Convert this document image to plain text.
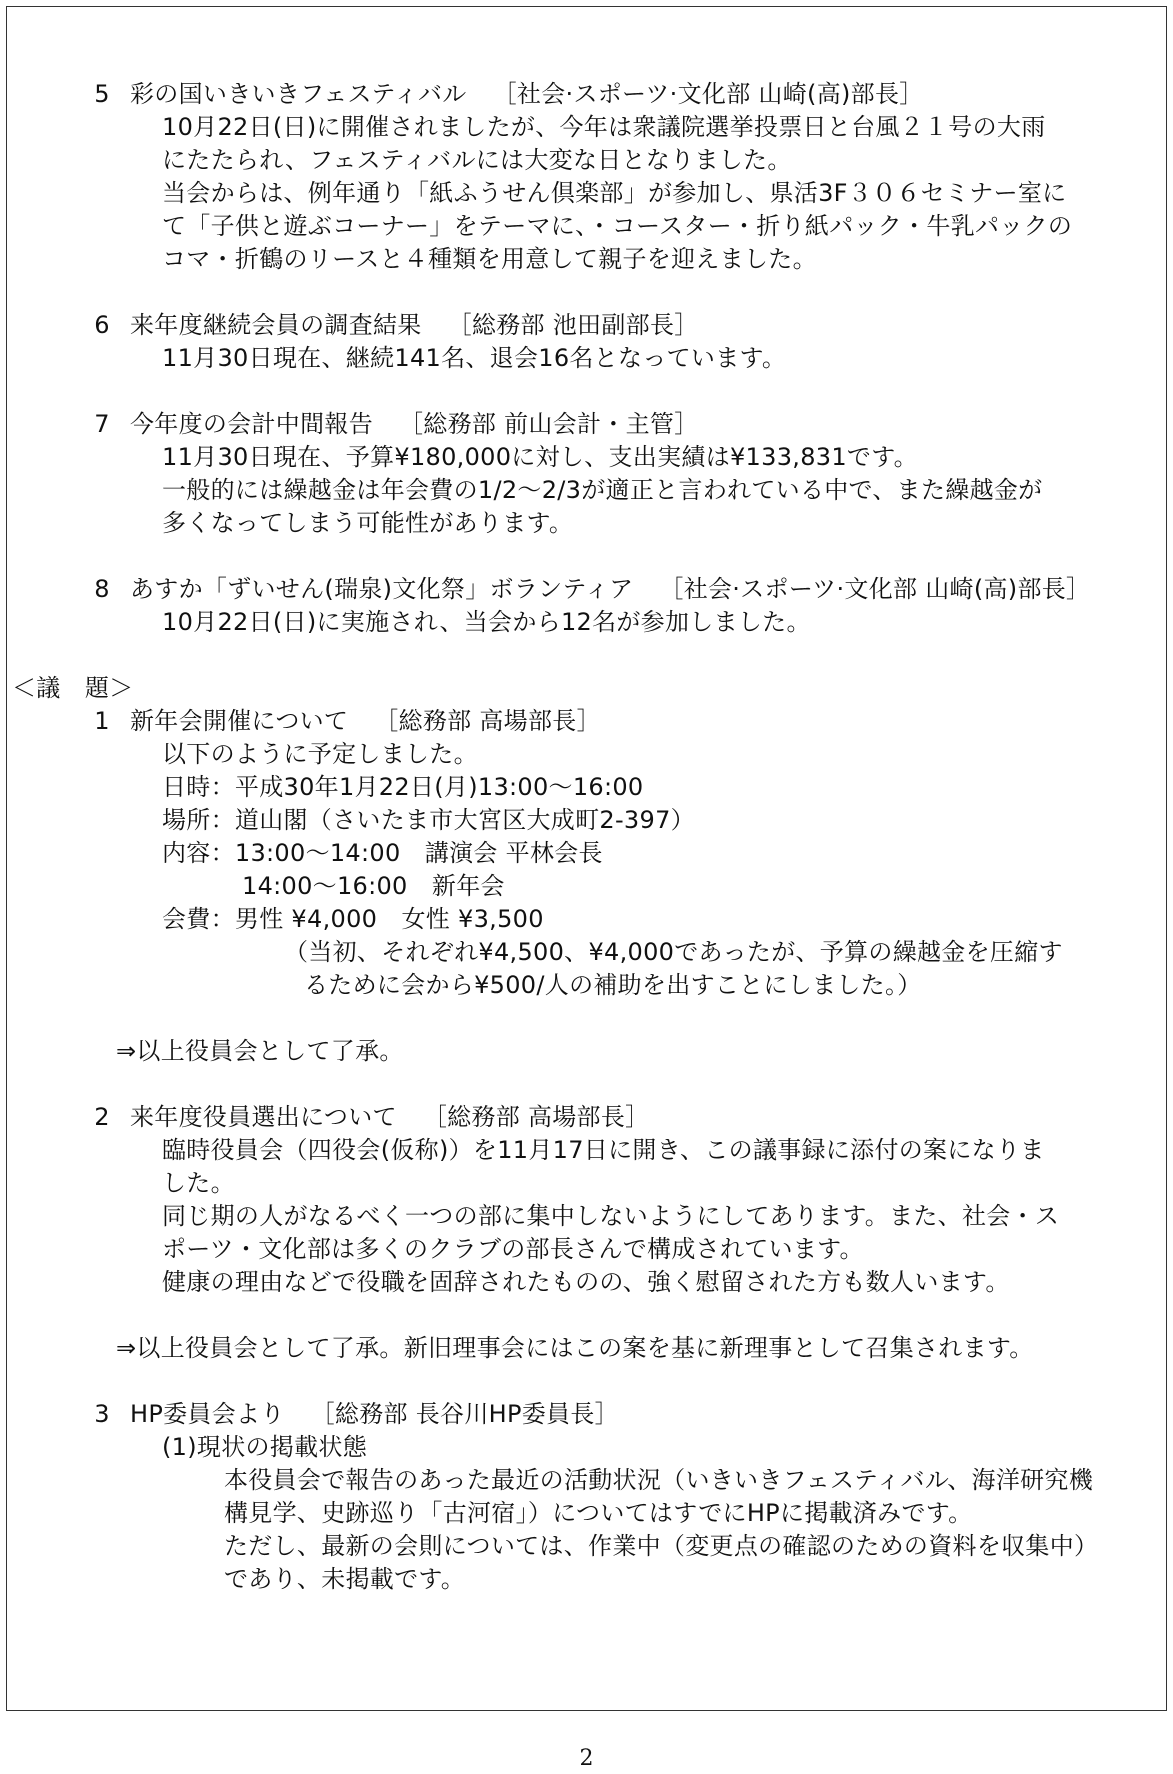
5 彩の国いきいきフェスティバル ［社会·スポーツ·文化部 山崎(高)部長］
10月22日(日)に開催されましたが、今年は衆議院選挙投票日と台風２１号の大雨
にたたられ、フェスティバルには大変な日となりました。
当会からは、例年通り「紙ふうせん倶楽部」が参加し、県活3F３０６セミナー室に
て「子供と遊ぶコーナー」をテーマに、・コースター・折り紙パック・牛乳パックの
コマ・折鶴のリースと４種類を用意して親子を迎えました。
6 来年度継続会員の調査結果 ［総務部 池田副部長］
11月30日現在、継続141名、退会16名となっています。
7 今年度の会計中間報告 ［総務部 前山会計・主管］
11月30日現在、予算¥180,000に対し、支出実績は¥133,831です。
一般的には繰越金は年会費の1/2～2/3が適正と言われている中で、また繰越金が
多くなってしまう可能性があります。
8 あすか「ずいせん(瑞泉)文化祭」ボランティア ［社会·スポーツ·文化部 山崎(高)部長］
10月22日(日)に実施され、当会から12名が参加しました。
＜議　題＞
1 新年会開催について ［総務部 高場部長］
以下のように予定しました。
日時：平成30年1月22日(月)13:00～16:00
場所：道山閣（さいたま市大宮区大成町2-397）
内容：13:00～14:00　講演会 平林会長
14:00～16:00　新年会
会費：男性 ¥4,000　女性 ¥3,500
（当初、それぞれ¥4,500、¥4,000であったが、予算の繰越金を圧縮す
るために会から¥500/人の補助を出すことにしました。）
⇒以上役員会として了承。
2 来年度役員選出について ［総務部 高場部長］
臨時役員会（四役会(仮称)）を11月17日に開き、この議事録に添付の案になりま
した。
同じ期の人がなるべく一つの部に集中しないようにしてあります。また、社会・ス
ポーツ・文化部は多くのクラブの部長さんで構成されています。
健康の理由などで役職を固辞されたものの、強く慰留された方も数人います。
⇒以上役員会として了承。新旧理事会にはこの案を基に新理事として召集されます。
3 HP委員会より ［総務部 長谷川HP委員長］
(1)現状の掲載状態
本役員会で報告のあった最近の活動状況（いきいきフェスティバル、海洋研究機
構見学、史跡巡り「古河宿」）についてはすでにHPに掲載済みです。
ただし、最新の会則については、作業中（変更点の確認のための資料を収集中）
であり、未掲載です。
2
